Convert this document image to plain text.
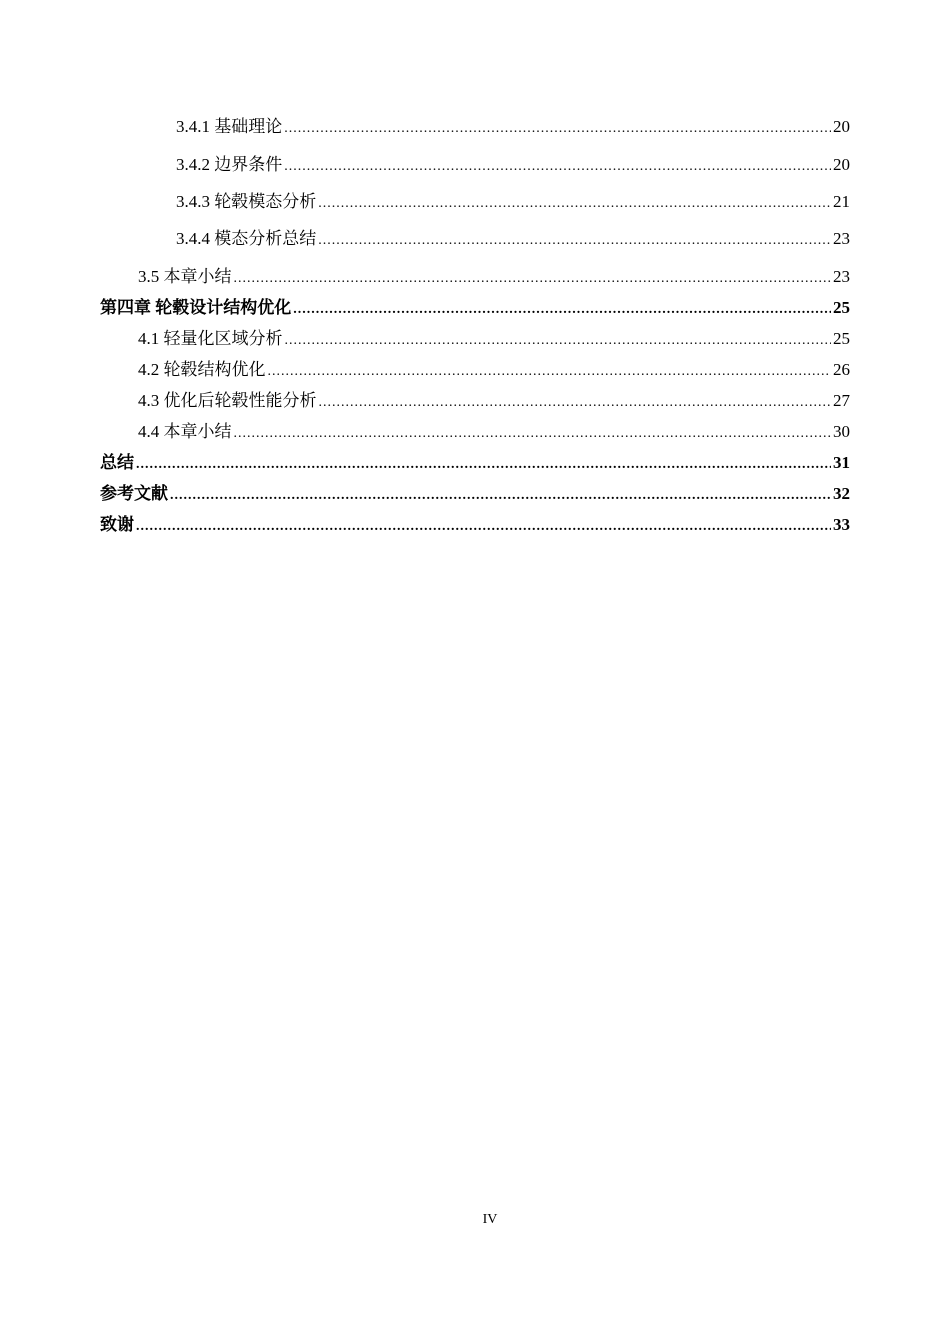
3.4.1 基础理论 .....	20
3.4.2 边界条件 .....	20
3.4.3 轮毂模态分析 .....	21
3.4.4 模态分析总结 .....	23
3.5 本章小结 .....	23
第四章 轮毂设计结构优化 .....	25
4.1 轻量化区域分析 .....	25
4.2 轮毂结构优化 .....	26
4.3 优化后轮毂性能分析 .....	27
4.4 本章小结 .....	30
总结 .....	31
参考文献 .....	32
致谢 .....	33
IV
